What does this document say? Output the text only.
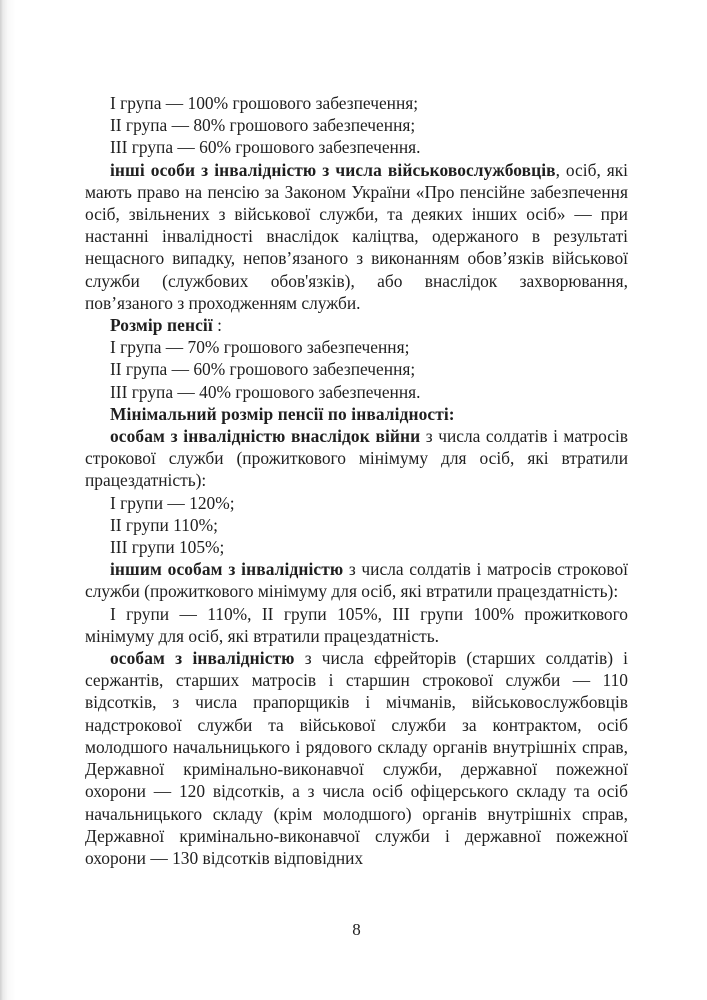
І група — 100% грошового забезпечення;

ІІ група — 80% грошового забезпечення;

ІІІ група — 60% грошового забезпечення.

інші особи з інвалідністю з числа військовослужбовців, осіб, які мають право на пенсію за Законом України «Про пенсійне забезпечення осіб, звільнених з військової служби, та деяких інших осіб» — при настанні інвалідності внаслідок каліцтва, одержаного в результаті нещасного випадку, непов’язаного з виконанням обов’язків військової служби (службових обов'язків), або внаслідок захворювання, пов’язаного з проходженням служби.

Розмір пенсії :

І група — 70% грошового забезпечення;

ІІ група — 60% грошового забезпечення;

ІІІ група — 40% грошового забезпечення.

Мінімальний розмір пенсії по інвалідності:

особам з інвалідністю внаслідок війни з числа солдатів і матросів строкової служби (прожиткового мінімуму для осіб, які втратили працездатність):

І групи — 120%;

ІІ групи 110%;

ІІІ групи 105%;

іншим особам з інвалідністю з числа солдатів і матросів строкової служби (прожиткового мінімуму для осіб, які втратили працездатність):

І групи — 110%, ІІ групи 105%, ІІІ групи 100% прожиткового мінімуму для осіб, які втратили працездатність.

особам з інвалідністю з числа єфрейторів (старших солдатів) і сержантів, старших матросів і старшин строкової служби — 110 відсотків, з числа прапорщиків і мічманів, військовослужбовців надстрокової служби та військової служби за контрактом, осіб молодшого начальницького і рядового складу органів внутрішніх справ, Державної кримінально-виконавчої служби, державної пожежної охорони — 120 відсотків, а з числа осіб офіцерського складу та осіб начальницького складу (крім молодшого) органів внутрішніх справ, Державної кримінально-виконавчої служби і державної пожежної охорони — 130 відсотків відповідних

8
